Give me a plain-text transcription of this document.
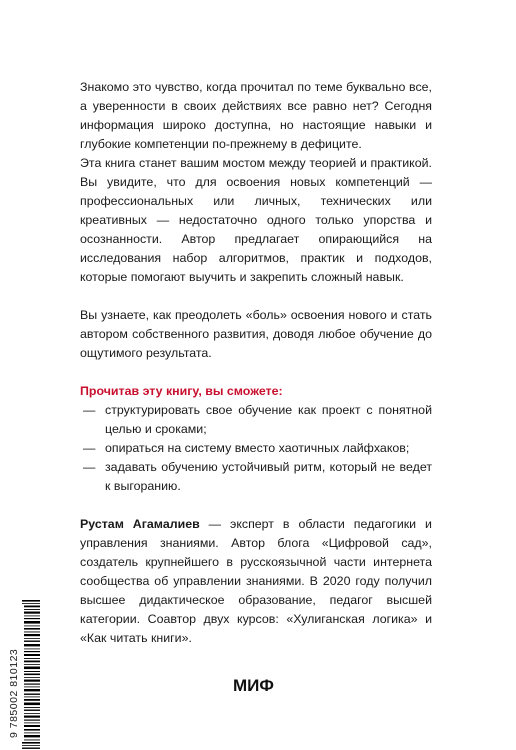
Знакомо это чувство, когда прочитал по теме буквально все, а уверенности в своих действиях все равно нет? Сегодня информация широко доступна, но настоящие навыки и глубокие компетенции по-прежнему в дефиците.

Эта книга станет вашим мостом между теорией и практикой. Вы увидите, что для освоения новых компетенций — профессиональных или личных, технических или креативных — недостаточно одного только упорства и осознанности. Автор предлагает опирающийся на исследования набор алгоритмов, практик и подходов, которые помогают выучить и закрепить сложный навык.

Вы узнаете, как преодолеть «боль» освоения нового и стать автором собственного развития, доводя любое обучение до ощутимого результата.

Прочитав эту книгу, вы сможете:
— структурировать свое обучение как проект с понятной целью и сроками;
— опираться на систему вместо хаотичных лайфхаков;
— задавать обучению устойчивый ритм, который не ведет к выгоранию.

Рустам Агамалиев — эксперт в области педагогики и управления знаниями. Автор блога «Цифровой сад», создатель крупнейшего в русскоязычной части интернета сообщества об управлении знаниями. В 2020 году получил высшее дидактическое образование, педагог высшей категории. Соавтор двух курсов: «Хулиганская логика» и «Как читать книги».

9 785002 810123	МИФ
